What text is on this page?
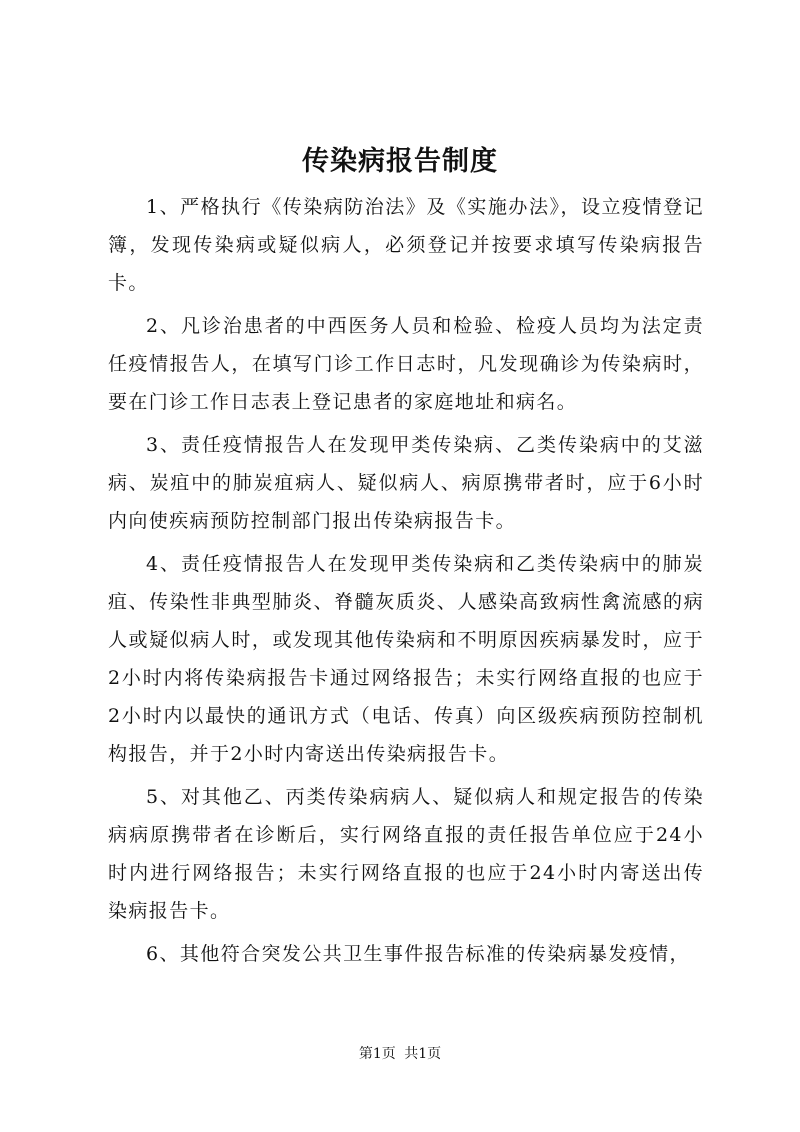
传染病报告制度

1、严格执行《传染病防治法》及《实施办法》，设立疫情登记簿，发现传染病或疑似病人，必须登记并按要求填写传染病报告卡。

2、凡诊治患者的中西医务人员和检验、检疫人员均为法定责任疫情报告人，在填写门诊工作日志时，凡发现确诊为传染病时，要在门诊工作日志表上登记患者的家庭地址和病名。

3、责任疫情报告人在发现甲类传染病、乙类传染病中的艾滋病、炭疽中的肺炭疽病人、疑似病人、病原携带者时，应于6小时内向使疾病预防控制部门报出传染病报告卡。

4、责任疫情报告人在发现甲类传染病和乙类传染病中的肺炭疽、传染性非典型肺炎、脊髓灰质炎、人感染高致病性禽流感的病人或疑似病人时，或发现其他传染病和不明原因疾病暴发时，应于2小时内将传染病报告卡通过网络报告；未实行网络直报的也应于2小时内以最快的通讯方式（电话、传真）向区级疾病预防控制机构报告，并于2小时内寄送出传染病报告卡。

5、对其他乙、丙类传染病病人、疑似病人和规定报告的传染病病原携带者在诊断后，实行网络直报的责任报告单位应于24小时内进行网络报告；未实行网络直报的也应于24小时内寄送出传染病报告卡。

6、其他符合突发公共卫生事件报告标准的传染病暴发疫情，

第1页 共1页
